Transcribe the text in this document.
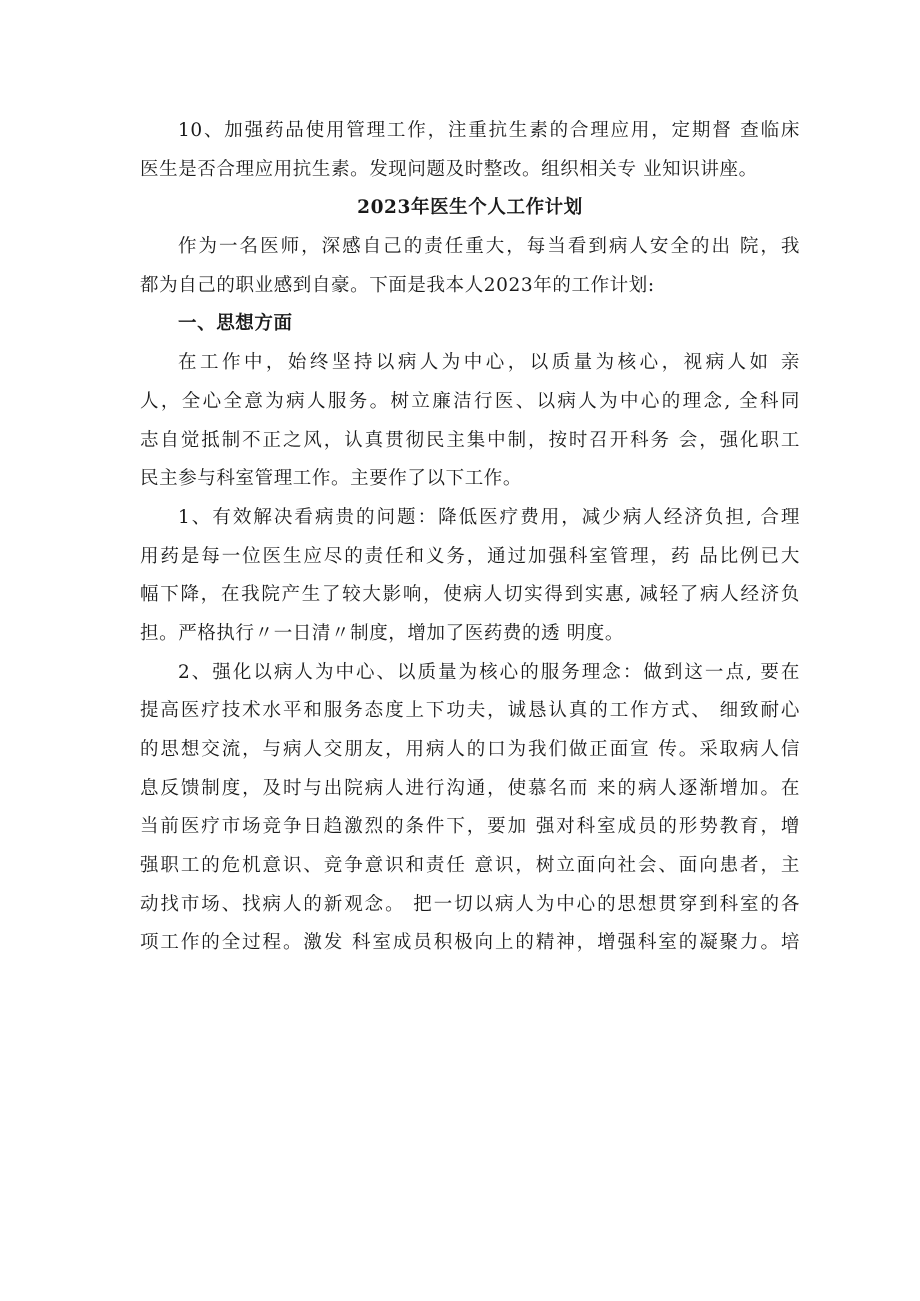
10、加强药品使用管理工作，注重抗生素的合理应用，定期督 查临床
医生是否合理应用抗生素。发现问题及时整改。组织相关专 业知识讲座。
2023年医生个人工作计划
作为一名医师，深感自己的责任重大，每当看到病人安全的出 院，我
都为自己的职业感到自豪。下面是我本人2023年的工作计划:
一、思想方面
在工作中，始终坚持以病人为中心，以质量为核心，视病人如 亲
人，全心全意为病人服务。树立廉洁行医、以病人为中心的理念, 全科同
志自觉抵制不正之风，认真贯彻民主集中制，按时召开科务 会，强化职工
民主参与科室管理工作。主要作了以下工作。
1、有效解决看病贵的问题：降低医疗费用，减少病人经济负担, 合理
用药是每一位医生应尽的责任和义务，通过加强科室管理，药 品比例已大
幅下降，在我院产生了较大影响，使病人切实得到实惠, 减轻了病人经济负
担。严格执行〃一日清〃制度，增加了医药费的透 明度。
2、强化以病人为中心、以质量为核心的服务理念：做到这一点, 要在
提高医疗技术水平和服务态度上下功夫，诚恳认真的工作方式、 细致耐心
的思想交流，与病人交朋友，用病人的口为我们做正面宣 传。采取病人信
息反馈制度，及时与出院病人进行沟通，使慕名而 来的病人逐渐增加。在
当前医疗市场竞争日趋激烈的条件下，要加 强对科室成员的形势教育，增
强职工的危机意识、竞争意识和责任 意识，树立面向社会、面向患者，主
动找市场、找病人的新观念。 把一切以病人为中心的思想贯穿到科室的各
项工作的全过程。激发 科室成员积极向上的精神，增强科室的凝聚力。培
